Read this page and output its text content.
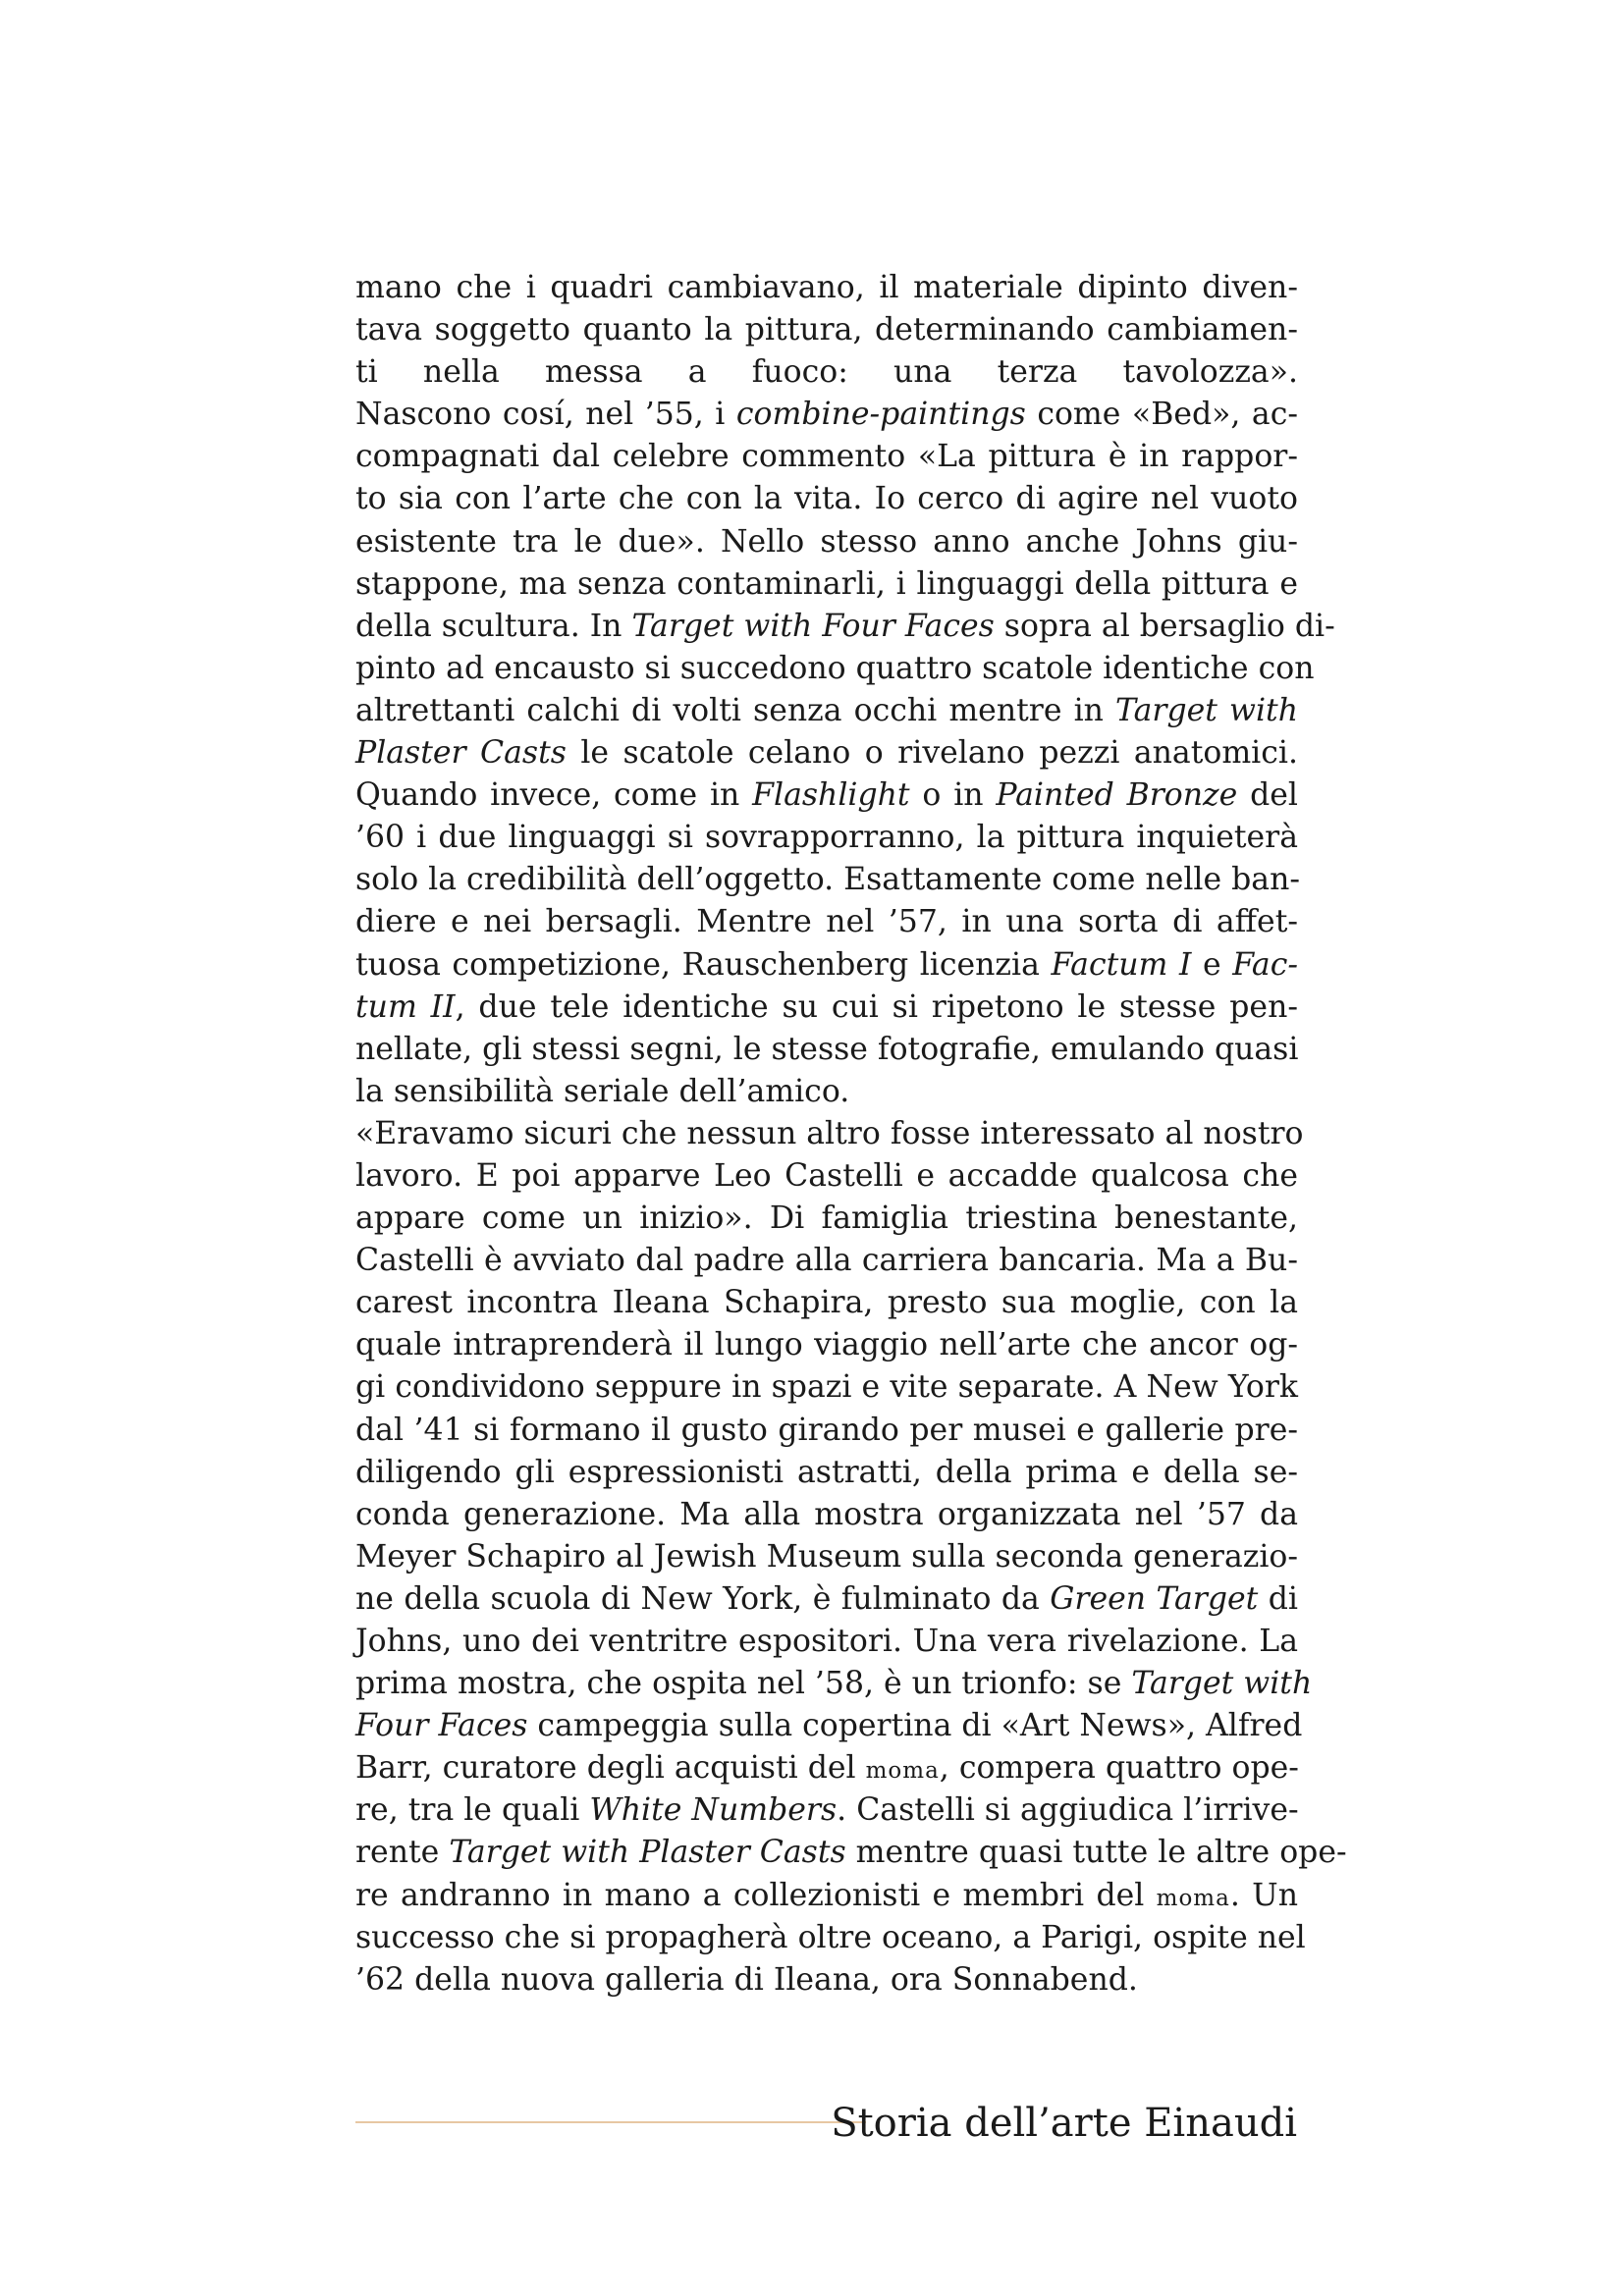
mano che i quadri cambiavano, il materiale dipinto diven-
tava soggetto quanto la pittura, determinando cambiamen-
ti nella messa a fuoco: una terza tavolozza».
Nascono cosí, nel ’55, i combine-paintings come «Bed», ac-
compagnati dal celebre commento «La pittura è in rappor-
to sia con l’arte che con la vita. Io cerco di agire nel vuoto
esistente tra le due». Nello stesso anno anche Johns giu-
stappone, ma senza contaminarli, i linguaggi della pittura e
della scultura. In Target with Four Faces sopra al bersaglio di-
pinto ad encausto si succedono quattro scatole identiche con
altrettanti calchi di volti senza occhi mentre in Target with
Plaster Casts le scatole celano o rivelano pezzi anatomici.
Quando invece, come in Flashlight o in Painted Bronze del
’60 i due linguaggi si sovrapporranno, la pittura inquieterà
solo la credibilità dell’oggetto. Esattamente come nelle ban-
diere e nei bersagli. Mentre nel ’57, in una sorta di affet-
tuosa competizione, Rauschenberg licenzia Factum I e Fac-
tum II, due tele identiche su cui si ripetono le stesse pen-
nellate, gli stessi segni, le stesse fotografie, emulando quasi
la sensibilità seriale dell’amico.
«Eravamo sicuri che nessun altro fosse interessato al nostro
lavoro. E poi apparve Leo Castelli e accadde qualcosa che
appare come un inizio». Di famiglia triestina benestante,
Castelli è avviato dal padre alla carriera bancaria. Ma a Bu-
carest incontra Ileana Schapira, presto sua moglie, con la
quale intraprenderà il lungo viaggio nell’arte che ancor og-
gi condividono seppure in spazi e vite separate. A New York
dal ’41 si formano il gusto girando per musei e gallerie pre-
diligendo gli espressionisti astratti, della prima e della se-
conda generazione. Ma alla mostra organizzata nel ’57 da
Meyer Schapiro al Jewish Museum sulla seconda generazio-
ne della scuola di New York, è fulminato da Green Target di
Johns, uno dei ventritre espositori. Una vera rivelazione. La
prima mostra, che ospita nel ’58, è un trionfo: se Target with
Four Faces campeggia sulla copertina di «Art News», Alfred
Barr, curatore degli acquisti del moma, compera quattro ope-
re, tra le quali White Numbers. Castelli si aggiudica l’irrive-
rente Target with Plaster Casts mentre quasi tutte le altre ope-
re andranno in mano a collezionisti e membri del moma. Un
successo che si propagherà oltre oceano, a Parigi, ospite nel
’62 della nuova galleria di Ileana, ora Sonnabend.
Storia dell’arte Einaudi
